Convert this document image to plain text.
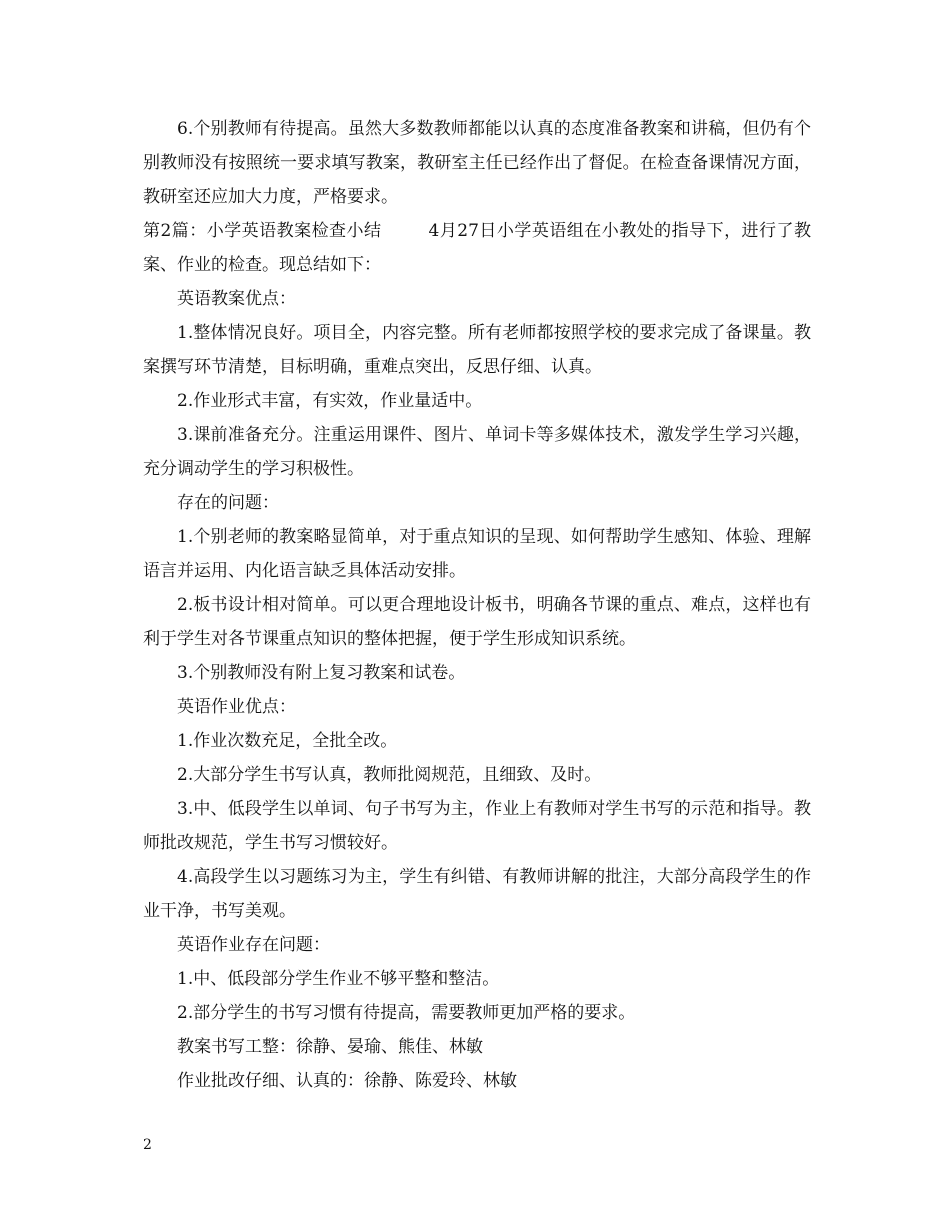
6.个别教师有待提高。虽然大多数教师都能以认真的态度准备教案和讲稿，但仍有个别教师没有按照统一要求填写教案，教研室主任已经作出了督促。在检查备课情况方面，教研室还应加大力度，严格要求。

第2篇：小学英语教案检查小结        4月27日小学英语组在小教处的指导下，进行了教案、作业的检查。现总结如下：

英语教案优点：

1.整体情况良好。项目全，内容完整。所有老师都按照学校的要求完成了备课量。教案撰写环节清楚，目标明确，重难点突出，反思仔细、认真。

2.作业形式丰富，有实效，作业量适中。

3.课前准备充分。注重运用课件、图片、单词卡等多媒体技术，激发学生学习兴趣，充分调动学生的学习积极性。

存在的问题：

1.个别老师的教案略显简单，对于重点知识的呈现、如何帮助学生感知、体验、理解语言并运用、内化语言缺乏具体活动安排。

2.板书设计相对简单。可以更合理地设计板书，明确各节课的重点、难点，这样也有利于学生对各节课重点知识的整体把握，便于学生形成知识系统。

3.个别教师没有附上复习教案和试卷。

英语作业优点：

1.作业次数充足，全批全改。

2.大部分学生书写认真，教师批阅规范，且细致、及时。

3.中、低段学生以单词、句子书写为主，作业上有教师对学生书写的示范和指导。教师批改规范，学生书写习惯较好。

4.高段学生以习题练习为主，学生有纠错、有教师讲解的批注，大部分高段学生的作业干净，书写美观。

英语作业存在问题：

1.中、低段部分学生作业不够平整和整洁。

2.部分学生的书写习惯有待提高，需要教师更加严格的要求。

教案书写工整：徐静、晏瑜、熊佳、林敏

作业批改仔细、认真的：徐静、陈爱玲、林敏

2
